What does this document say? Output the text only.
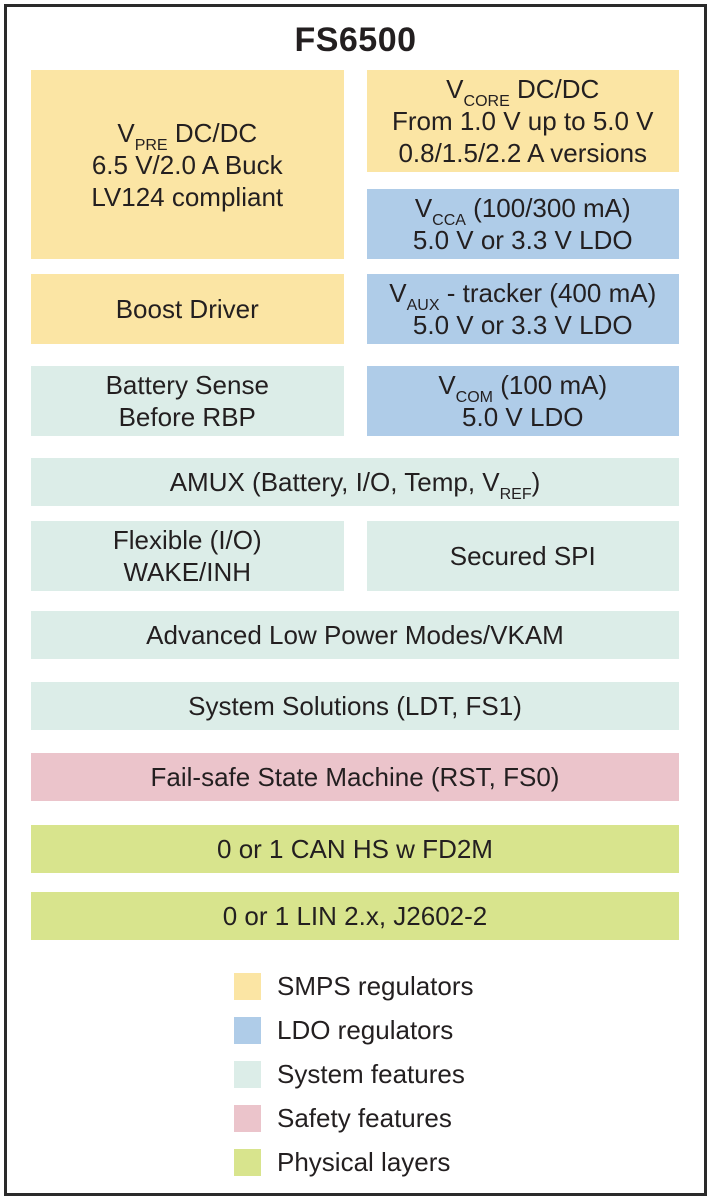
FS6500
$V_{PRE}$ DC/DC
6.5 V/2.0 A Buck
LV124 compliant
$V_{CORE}$ DC/DC
From 1.0 V up to 5.0 V
0.8/1.5/2.2 A versions
$V_{CCA}$ (100/300 mA)
5.0 V or 3.3 V LDO
Boost Driver
$V_{AUX}$ - tracker (400 mA)
5.0 V or 3.3 V LDO
Battery Sense
Before RBP
$V_{COM}$ (100 mA)
5.0 V LDO
AMUX (Battery, I/O, Temp, $V_{REF}$)
Flexible (I/O)
WAKE/INH
Secured SPI
Advanced Low Power Modes/VKAM
System Solutions (LDT, FS1)
Fail-safe State Machine (RST, FS0)
0 or 1 CAN HS w FD2M
0 or 1 LIN 2.x, J2602-2
SMPS regulators
LDO regulators
System features
Safety features
Physical layers
